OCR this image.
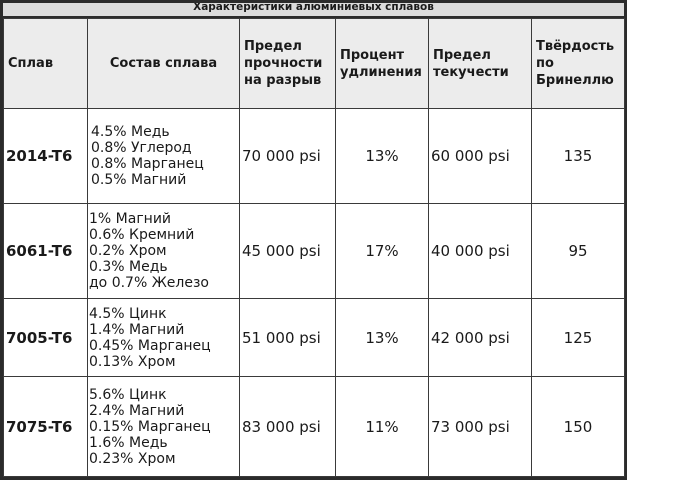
Характеристики алюминиевых сплавов
Сплав	Состав сплава	Предел
прочности
на разрыв	Процент
удлинения	Предел
текучести	Твёрдость
по
Бринеллю

2014-T6	4.5% Медь
0.8% Углерод
0.8% Марганец
0.5% Магний	70 000 psi	13%	60 000 psi	135
6061-T6	1% Магний
0.6% Кремний
0.2% Хром
0.3% Медь
до 0.7% Железо	45 000 psi	17%	40 000 psi	95
7005-T6	4.5% Цинк
1.4% Магний
0.45% Марганец
0.13% Хром	51 000 psi	13%	42 000 psi	125
7075-T6	5.6% Цинк
2.4% Магний
0.15% Марганец
1.6% Медь
0.23% Хром	83 000 psi	11%	73 000 psi	150
